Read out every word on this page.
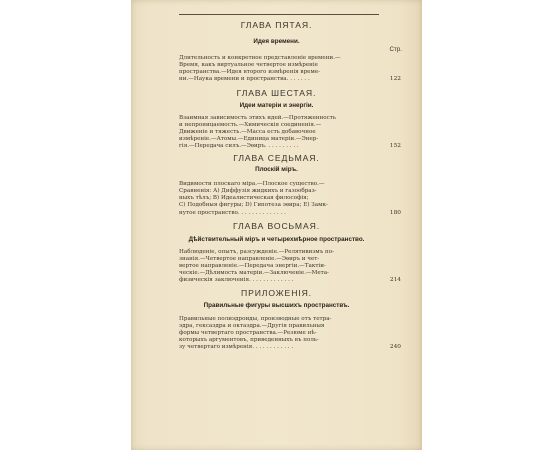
ГЛАВА ПЯТАЯ.
Идея времени.
Стр.
Длительность и конкретное представленiе времени.—
Время, какъ виртуальное четвертое измѣренiе
пространства.—Идея второго измѣренiя време-
ни.—Наука времени и пространства. . . . . . .	122
ГЛАВА ШЕСТАЯ.
Идеи матерiи и энергiи.
Взаимная зависимость этихъ идей.—Протяженность
и непроницаемость.—Химическiя соединенiя.—
Движенiе и тяжесть.—Масса есть добавочное
измѣренiе.—Атомы.—Единица матерiи.—Энер-
гiя.—Передача силъ.—Эѳиръ. . . . . . . . . .	152
ГЛАВА СЕДЬМАЯ.
Плоскiй мiръ.
Видимости плоскаго мiра.—Плоское существо.—
Сравненiя: А) Диффузiя жидкихъ и газообраз-
ныхъ тѣлъ; В) Идеалистическая философiя;
С) Подобныя фигуры; D) Гипотеза эѳира; Е) Замк-
нутое пространство. . . . . . . . . . . . . .	180
ГЛАВА ВОСЬМАЯ.
Дѣйствительный мiръ и четырехмѣрное пространство.
Наблюденiе, опытъ, разсужденiе.—Релятивизмъ по-
знанiя.—Четвертое направленiе.—Эѳиръ и чет-
вертое направленiе.—Передача энергiи.—Тактiи-
ческiе.—Дѣлимость матерiи.—Заключенiе.—Мета-
физическiя заключенiя. . . . . . . . . . . . .	214
ПРИЛОЖЕНIЯ.
Правильные фигуры высшихъ пространствъ.
Правильные полиэдроиды, производные отъ тетра-
эдра, гексаэдра и октаэдра.—Другiя правильныя
формы четвертаго пространства.—Резюме нѣ-
которыхъ аргументовъ, приведенныхъ въ поль-
зу четвертаго измѣренiя. . . . . . . . . . . .	240
